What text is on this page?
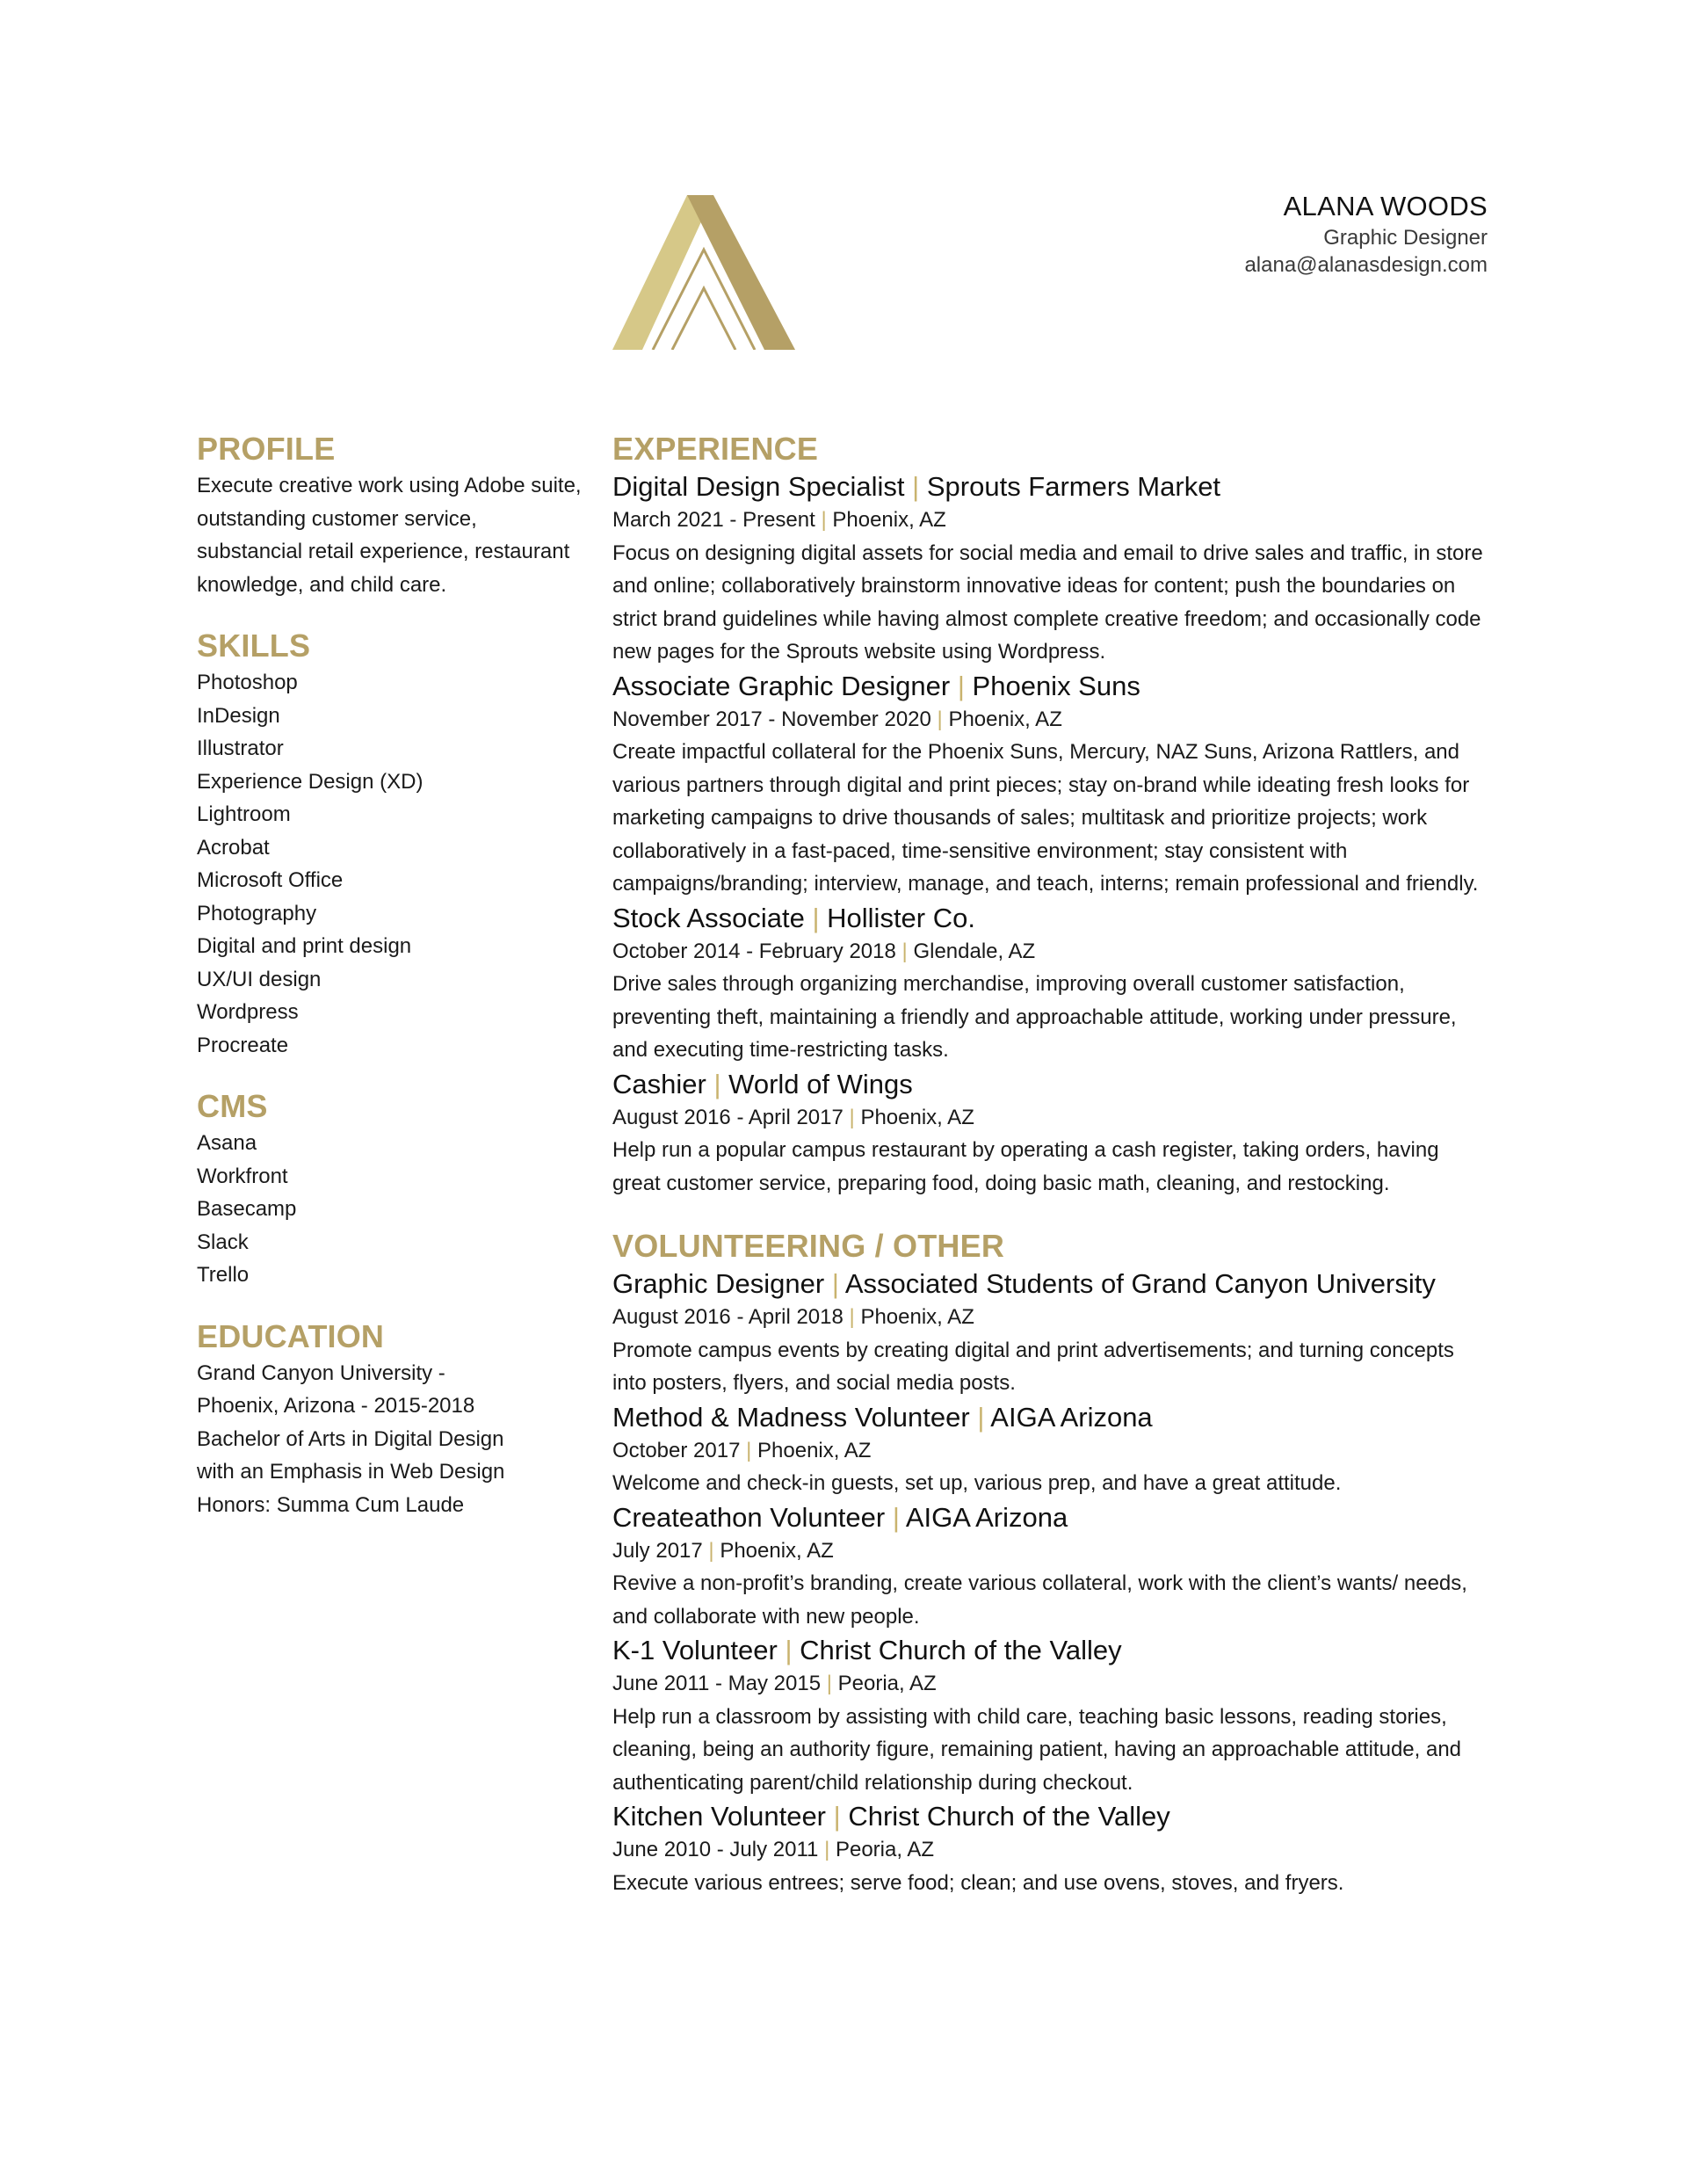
ALANA WOODS
Graphic Designer
alana@alanasdesign.com
PROFILE
Execute creative work using Adobe suite, outstanding customer service, substancial retail experience, restaurant knowledge, and child care.
SKILLS
Photoshop
InDesign
Illustrator
Experience Design (XD)
Lightroom
Acrobat
Microsoft Office
Photography
Digital and print design
UX/UI design
Wordpress
Procreate
CMS
Asana
Workfront
Basecamp
Slack
Trello
EDUCATION
Grand Canyon University -
Phoenix, Arizona - 2015-2018
Bachelor of Arts in Digital Design
with an Emphasis in Web Design
Honors: Summa Cum Laude
EXPERIENCE
Digital Design Specialist | Sprouts Farmers Market
March 2021 - Present | Phoenix, AZ
Focus on designing digital assets for social media and email to drive sales and traffic, in store and online; collaboratively brainstorm innovative ideas for content; push the boundaries on strict brand guidelines while having almost complete creative freedom; and occasionally code new pages for the Sprouts website using Wordpress.
Associate Graphic Designer | Phoenix Suns
November 2017 - November 2020 | Phoenix, AZ
Create impactful collateral for the Phoenix Suns, Mercury, NAZ Suns, Arizona Rattlers, and various partners through digital and print pieces; stay on-brand while ideating fresh looks for marketing campaigns to drive thousands of sales; multitask and prioritize projects; work collaboratively in a fast-paced, time-sensitive environment; stay consistent with campaigns/branding; interview, manage, and teach, interns; remain professional and friendly.
Stock Associate | Hollister Co.
October 2014 - February 2018 | Glendale, AZ
Drive sales through organizing merchandise, improving overall customer satisfaction, preventing theft, maintaining a friendly and approachable attitude, working under pressure, and executing time-restricting tasks.
Cashier | World of Wings
August 2016 - April 2017 | Phoenix, AZ
Help run a popular campus restaurant by operating a cash register, taking orders, having great customer service, preparing food, doing basic math, cleaning, and restocking.
VOLUNTEERING / OTHER
Graphic Designer | Associated Students of Grand Canyon University
August 2016 - April 2018 | Phoenix, AZ
Promote campus events by creating digital and print advertisements; and turning concepts into posters, flyers, and social media posts.
Method & Madness Volunteer | AIGA Arizona
October 2017 | Phoenix, AZ
Welcome and check-in guests, set up, various prep, and have a great attitude.
Createathon Volunteer | AIGA Arizona
July 2017 | Phoenix, AZ
Revive a non-profit’s branding, create various collateral, work with the client’s wants/ needs, and collaborate with new people.
K-1 Volunteer | Christ Church of the Valley
June 2011 - May 2015 | Peoria, AZ
Help run a classroom by assisting with child care, teaching basic lessons, reading stories, cleaning, being an authority figure, remaining patient, having an approachable attitude, and authenticating parent/child relationship during checkout.
Kitchen Volunteer | Christ Church of the Valley
June 2010 - July 2011 | Peoria, AZ
Execute various entrees; serve food; clean; and use ovens, stoves, and fryers.
